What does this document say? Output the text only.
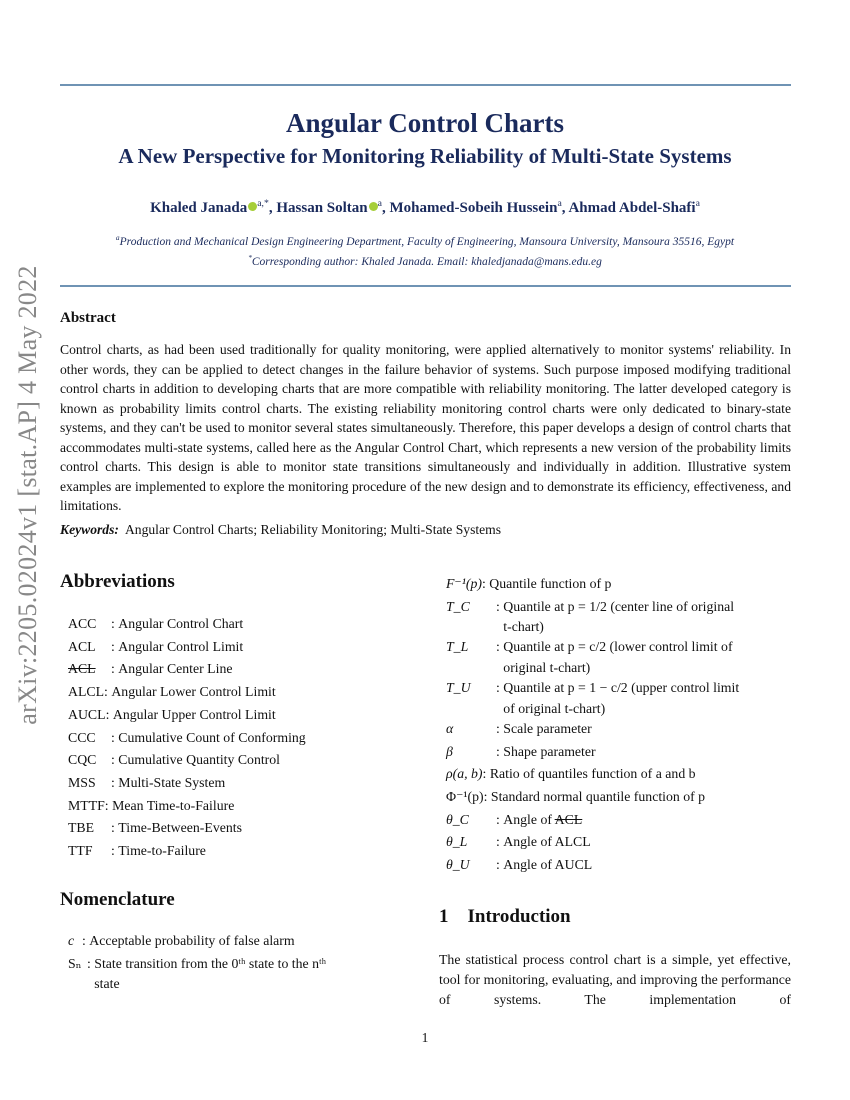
Angular Control Charts
A New Perspective for Monitoring Reliability of Multi-State Systems
Khaled Janada $^{a,*}$, Hassan Soltan $^a$, Mohamed-Sobeih Hussein$^a$, Ahmad Abdel-Shafi$^a$
$^a$Production and Mechanical Design Engineering Department, Faculty of Engineering, Mansoura University, Mansoura 35516, Egypt
*Corresponding author: Khaled Janada. Email: khaledjanada@mans.edu.eg
arXiv:2205.02024v1 [stat.AP] 4 May 2022 Abstract

Control charts, as had been used traditionally for quality monitoring, were applied alternatively to monitor systems' reliability. In other words, they can be applied to detect changes in the failure behavior of systems. Such purpose imposed modifying traditional control charts in addition to developing charts that are more compatible with reliability monitoring. The latter developed category is known as probability limits control charts. The existing reliability monitoring control charts were only dedicated to binary-state systems, and they can't be used to monitor several states simultaneously. Therefore, this paper develops a design of control charts that accommodates multi-state systems, called here as the Angular Control Chart, which represents a new version of the probability limits control charts. This design is able to monitor state transitions simultaneously and individually in addition. Illustrative system examples are implemented to explore the monitoring procedure of the new design and to demonstrate its efficiency, effectiveness, and limitations.

Keywords: Angular Control Charts; Reliability Monitoring; Multi-State Systems
Abbreviations
ACC	: Angular Control Chart
ACL	: Angular Control Limit
ACL	: Angular Center Line
ALCL : Angular Lower Control Limit
AUCL : Angular Upper Control Limit
CCC	: Cumulative Count of Conforming
CQC	: Cumulative Quantity Control
MSS	: Multi-State System
MTTF : Mean Time-to-Failure
TBE	: Time-Between-Events
TTF	: Time-to-Failure
Nomenclature
c : Acceptable probability of false alarm
Sₙ : State transition from the 0ᵗʰ state to the nᵗʰ
state
F⁻¹(p) : Quantile function of p
T_C	: Quantile at p = 1/2 (center line of original
t-chart)
T_L	: Quantile at p = c/2 (lower control limit of
original t-chart)
T_U	: Quantile at p = 1 − c/2 (upper control limit
of original t-chart)
α	: Scale parameter
β	: Shape parameter
ρ(a, b) : Ratio of quantiles function of a and b
Φ⁻¹(p) : Standard normal quantile function of p
θ_C	: Angle of ACL
θ_L	: Angle of ALCL
θ_U	: Angle of AUCL
1 Introduction

The statistical process control chart is a simple, yet effective, tool for monitoring, evaluating, and improving the performance of systems. The implementation of

1
